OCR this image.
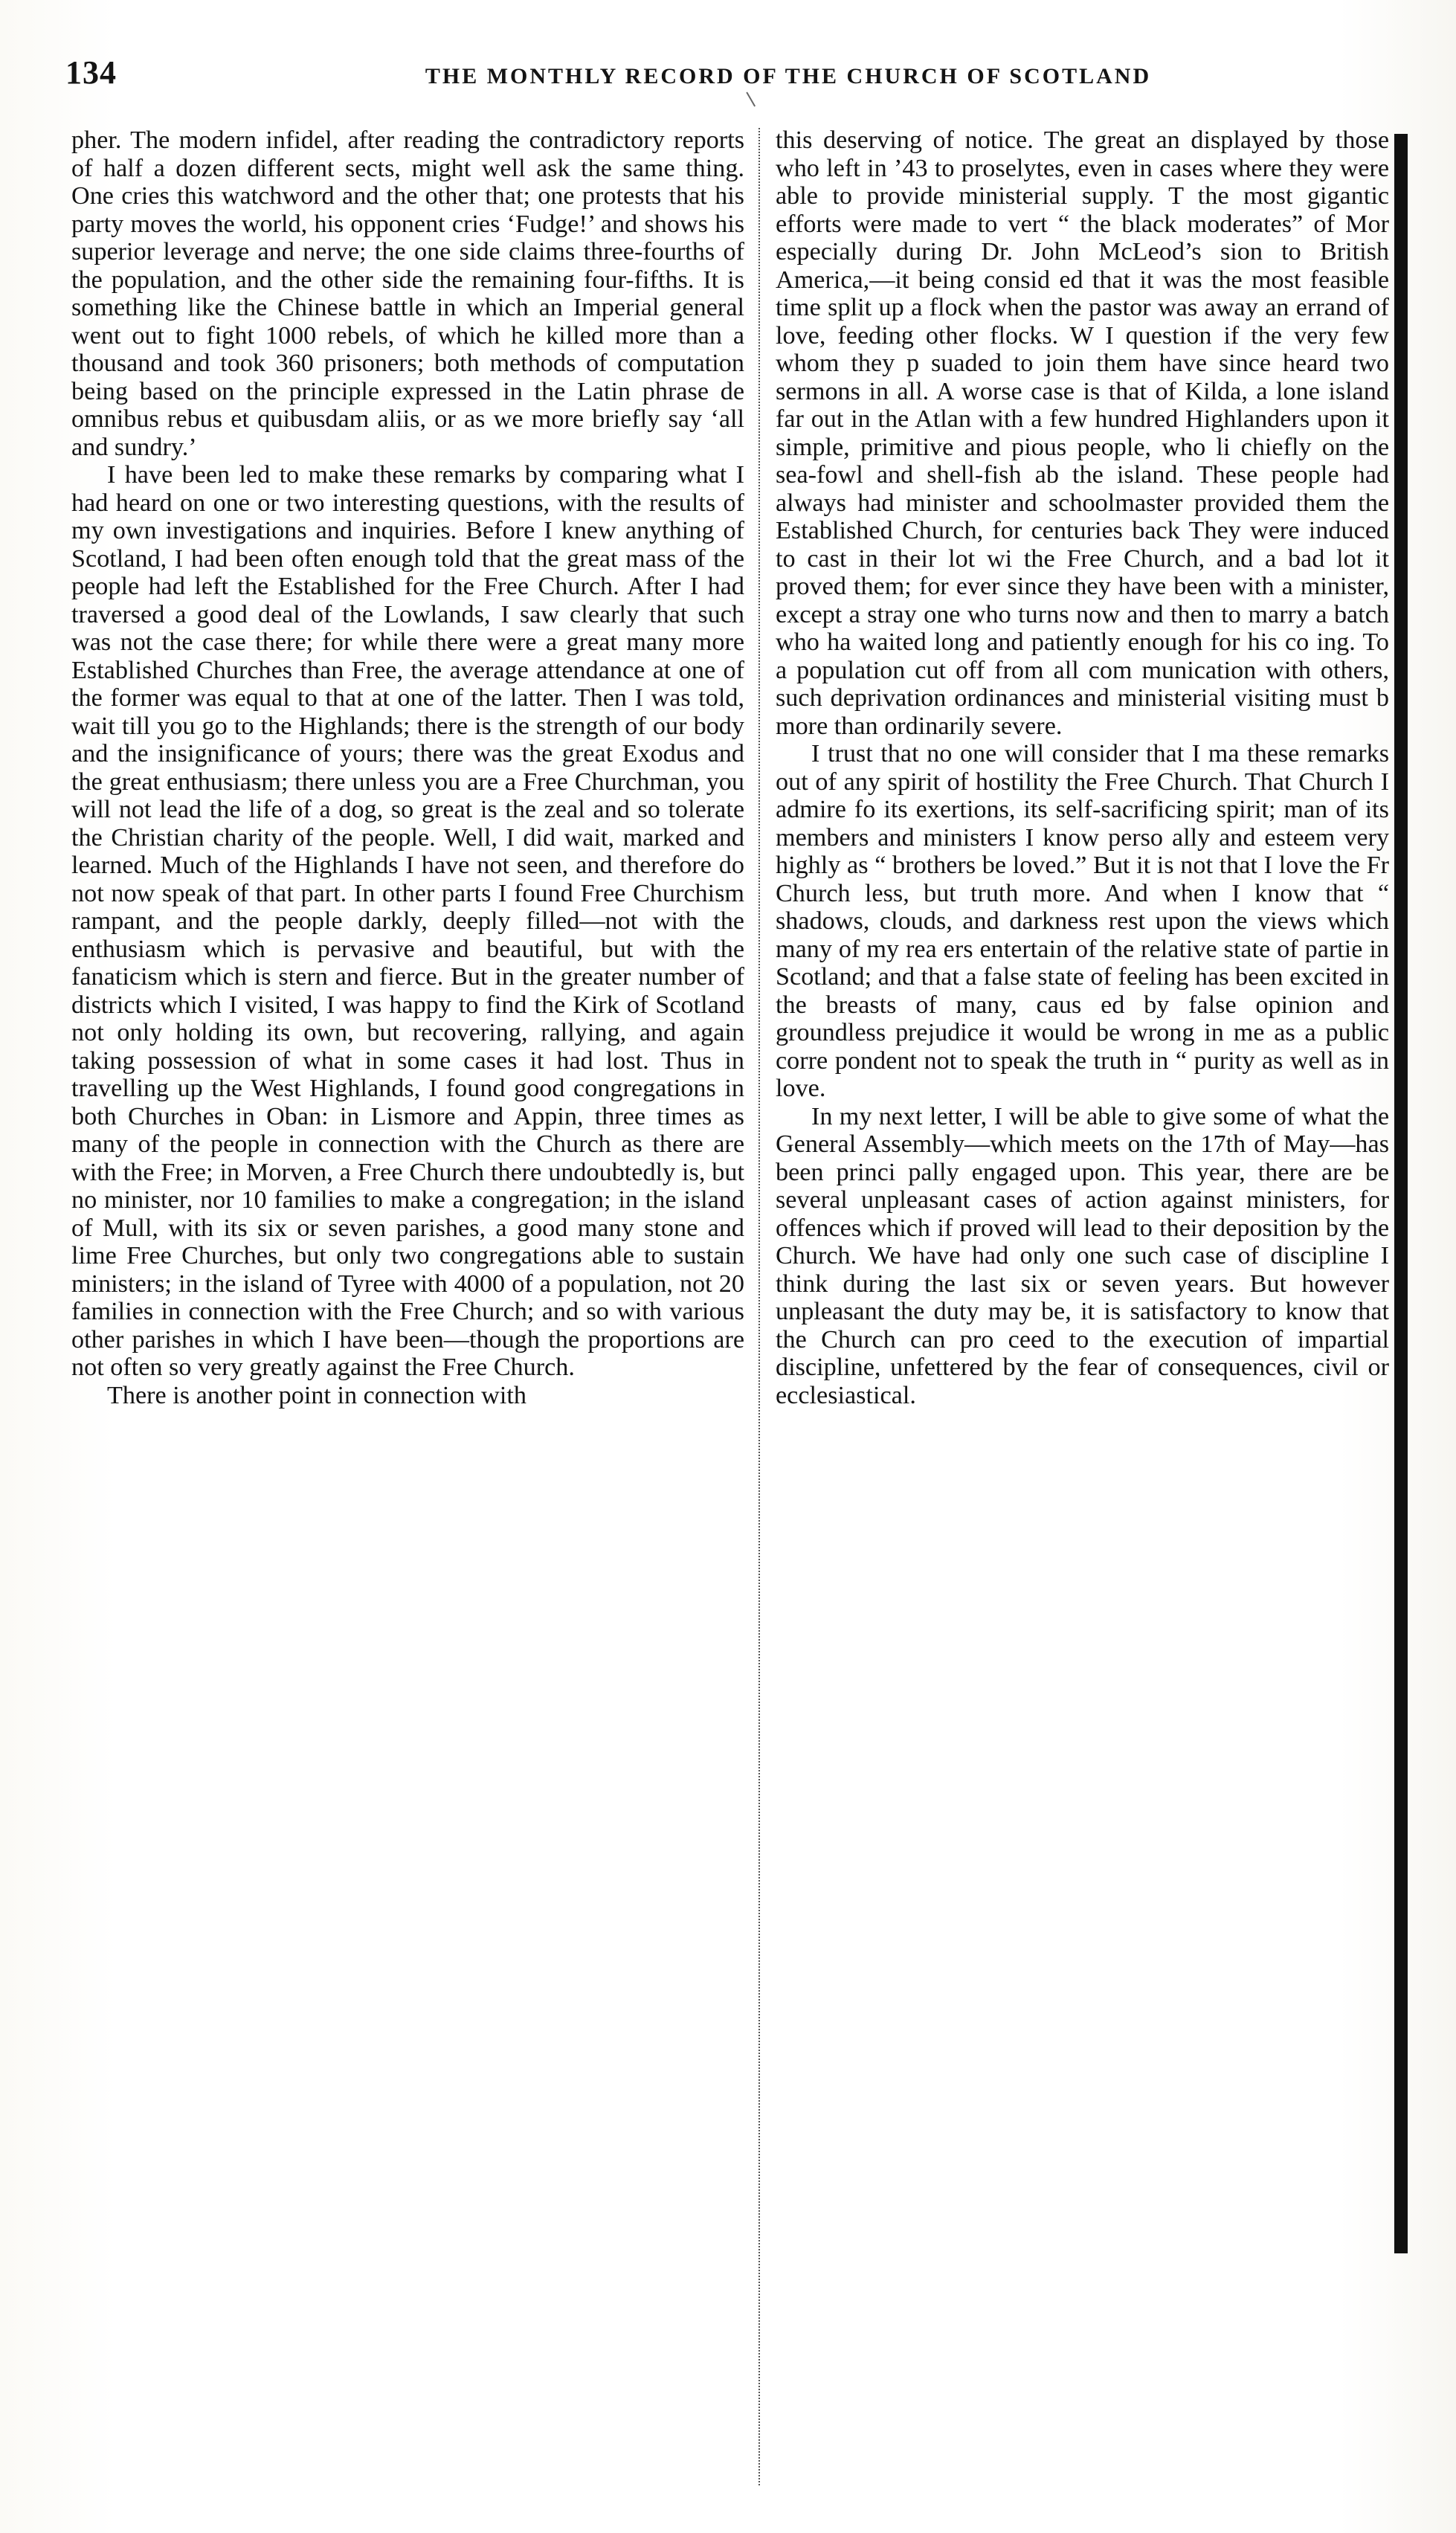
134	THE MONTHLY RECORD OF THE CHURCH OF SCOTLAND

pher. The modern infidel, after reading the contradictory reports of half a dozen different sects, might well ask the same thing. One cries this watchword and the other that; one protests that his party moves the world, his opponent cries ‘Fudge!’ and shows his superior leverage and nerve; the one side claims three-fourths of the population, and the other side the remaining four-fifths. It is something like the Chinese battle in which an Imperial general went out to fight 1000 rebels, of which he killed more than a thousand and took 360 prisoners; both methods of computation being based on the principle expressed in the Latin phrase de omnibus rebus et quibusdam aliis, or as we more briefly say ‘all and sundry.’

I have been led to make these remarks by comparing what I had heard on one or two interesting questions, with the results of my own investigations and inquiries. Before I knew anything of Scotland, I had been often enough told that the great mass of the people had left the Established for the Free Church. After I had traversed a good deal of the Lowlands, I saw clearly that such was not the case there; for while there were a great many more Established Churches than Free, the average attendance at one of the former was equal to that at one of the latter. Then I was told, wait till you go to the Highlands; there is the strength of our body and the insignificance of yours; there was the great Exodus and the great enthusiasm; there unless you are a Free Churchman, you will not lead the life of a dog, so great is the zeal and so tolerate the Christian charity of the people. Well, I did wait, marked and learned. Much of the Highlands I have not seen, and therefore do not now speak of that part. In other parts I found Free Churchism rampant, and the people darkly, deeply filled—not with the enthusiasm which is pervasive and beautiful, but with the fanaticism which is stern and fierce. But in the greater number of districts which I visited, I was happy to find the Kirk of Scotland not only holding its own, but recovering, rallying, and again taking possession of what in some cases it had lost. Thus in travelling up the West Highlands, I found good congregations in both Churches in Oban: in Lismore and Appin, three times as many of the people in connection with the Church as there are with the Free; in Morven, a Free Church there undoubtedly is, but no minister, nor 10 families to make a congregation; in the island of Mull, with its six or seven parishes, a good many stone and lime Free Churches, but only two congregations able to sustain ministers; in the island of Tyree with 4000 of a population, not 20 families in connection with the Free Church; and so with various other parishes in which I have been—though the proportions are not often so very greatly against the Free Church.

There is another point in connection with

this deserving of notice. The great an displayed by those who left in ’43 to proselytes, even in cases where they were able to provide ministerial supply. T the most gigantic efforts were made to vert “ the black moderates” of Mor especially during Dr. John McLeod’s sion to British America,—it being consid ed that it was the most feasible time split up a flock when the pastor was away an errand of love, feeding other flocks. W I question if the very few whom they p suaded to join them have since heard two sermons in all. A worse case is that of Kilda, a lone island far out in the Atlan with a few hundred Highlanders upon it simple, primitive and pious people, who li chiefly on the sea-fowl and shell-fish ab the island. These people had always had minister and schoolmaster provided them the Established Church, for centuries back They were induced to cast in their lot wi the Free Church, and a bad lot it proved them; for ever since they have been with a minister, except a stray one who turns now and then to marry a batch who ha waited long and patiently enough for his co ing. To a population cut off from all com munication with others, such deprivation ordinances and ministerial visiting must b more than ordinarily severe.

I trust that no one will consider that I ma these remarks out of any spirit of hostility the Free Church. That Church I admire fo its exertions, its self-sacrificing spirit; man of its members and ministers I know perso ally and esteem very highly as “ brothers be loved.” But it is not that I love the Fr Church less, but truth more. And when I know that “ shadows, clouds, and darkness rest upon the views which many of my rea ers entertain of the relative state of partie in Scotland; and that a false state of feeling has been excited in the breasts of many, caus ed by false opinion and groundless prejudice it would be wrong in me as a public corre pondent not to speak the truth in “ purity as well as in love.

In my next letter, I will be able to give some of what the General Assembly—which meets on the 17th of May—has been princi pally engaged upon. This year, there are be several unpleasant cases of action against ministers, for offences which if proved will lead to their deposition by the Church. We have had only one such case of discipline I think during the last six or seven years. But however unpleasant the duty may be, it is satisfactory to know that the Church can pro ceed to the execution of impartial discipline, unfettered by the fear of consequences, civil or ecclesiastical.
